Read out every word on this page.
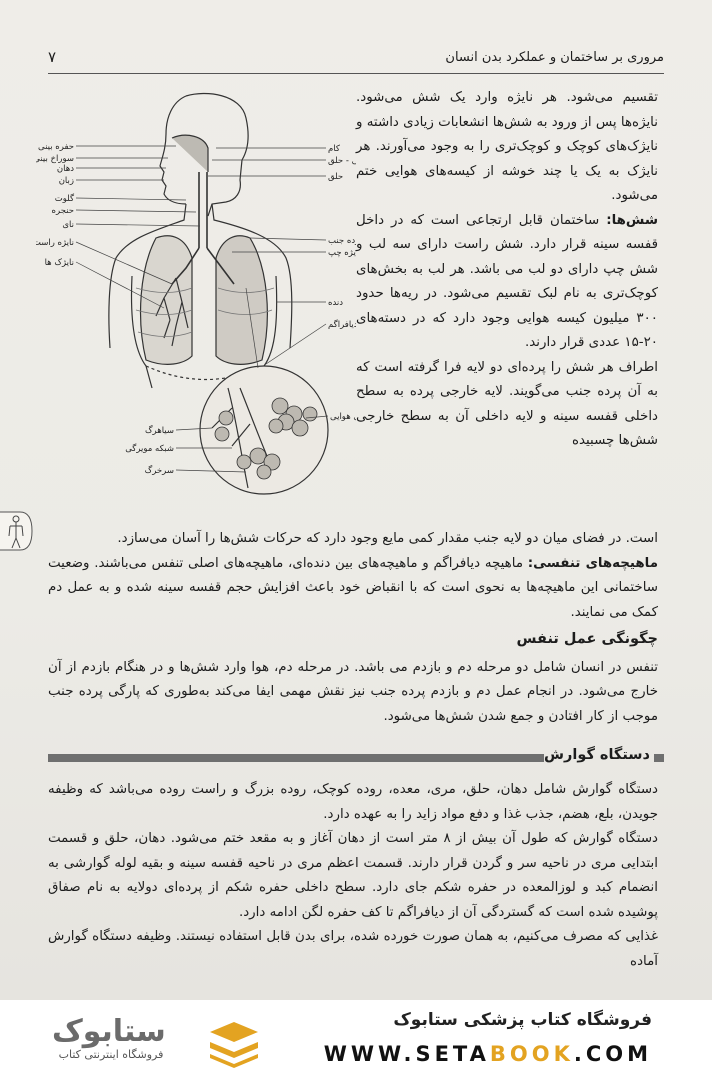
مروری بر ساختمان و عملکرد بدن انسان
۷
حفره بینی
سوراخ بینی
دهان
زبان
گلوت
حنجره
نای
نایژه راست
نایژک ها
سیاهرگ
شبکه مویرگی
سرخرگ
کام
ی - حلق
حلق
ده جنب
یژه چپ
دنده
دیافراگم
هوایی

تقسیم می‌شود. هر نایژه وارد یک شش می‌شود. نایژه‌ها پس از ورود به شش‌ها انشعابات زیادی داشته و نایژک‌های کوچک و کوچک‌تری را به وجود می‌آورند. هر نایژک به یک یا چند خوشه از کیسه‌های هوایی ختم می‌شود.

شش‌ها: ساختمان قابل ارتجاعی است که در داخل قفسه سینه قرار دارد. شش راست دارای سه لب و شش چپ دارای دو لب می باشد. هر لب به بخش‌های کوچک‌تری به نام لبک تقسیم می‌شود. در ریه‌ها حدود ۳۰۰ میلیون کیسه هوایی وجود دارد که در دسته‌های ۲۰-۱۵ عددی قرار دارند.

اطراف هر شش را پرده‌ای دو لایه فرا گرفته است که به آن پرده جنب می‌گویند. لایه خارجی پرده به سطح داخلی قفسه سینه و لایه داخلی آن به سطح خارجی شش‌ها چسبیده

است. در فضای میان دو لایه جنب مقدار کمی مایع وجود دارد که حرکات شش‌ها را آسان می‌سازد.

ماهیچه‌های تنفسی: ماهیچه دیافراگم و ماهیچه‌های بین دنده‌ای، ماهیچه‌های اصلی تنفس می‌باشند. وضعیت ساختمانی این ماهیچه‌ها به نحوی است که با انقباض خود باعث افزایش حجم قفسه سینه شده و به عمل دم کمک می نمایند.

چگونگی عمل تنفس

تنفس در انسان شامل دو مرحله دم و بازدم می باشد. در مرحله دم، هوا وارد شش‌ها و در هنگام بازدم از آن خارج می‌شود. در انجام عمل دم و بازدم پرده جنب نیز نقش مهمی ایفا می‌کند به‌طوری که پارگی پرده جنب موجب از کار افتادن و جمع شدن شش‌ها می‌شود.

دستگاه گوارش

دستگاه گوارش شامل دهان، حلق، مری، معده، روده کوچک، روده بزرگ و راست روده می‌باشد که وظیفه جویدن، بلع، هضم، جذب غذا و دفع مواد زاید را به عهده دارد.

دستگاه گوارش که طول آن بیش از ۸ متر است از دهان آغاز و به مقعد ختم می‌شود. دهان، حلق و قسمت ابتدایی مری در ناحیه سر و گردن قرار دارند. قسمت اعظم مری در ناحیه قفسه سینه و بقیه لوله گوارشی به انضمام کبد و لوزالمعده در حفره شکم جای دارد. سطح داخلی حفره شکم از پرده‌ای دولایه به نام صفاق پوشیده شده است که گستردگی آن از دیافراگم تا کف حفره لگن ادامه دارد.

غذایی که مصرف می‌کنیم، به همان صورت خورده شده، برای بدن قابل استفاده نیستند. وظیفه دستگاه گوارش آماده

ستابوک
فروشگاه اینترنتی کتاب
فروشگاه کتاب پزشکی ستابوک
WWW.SETABOOK.COM
